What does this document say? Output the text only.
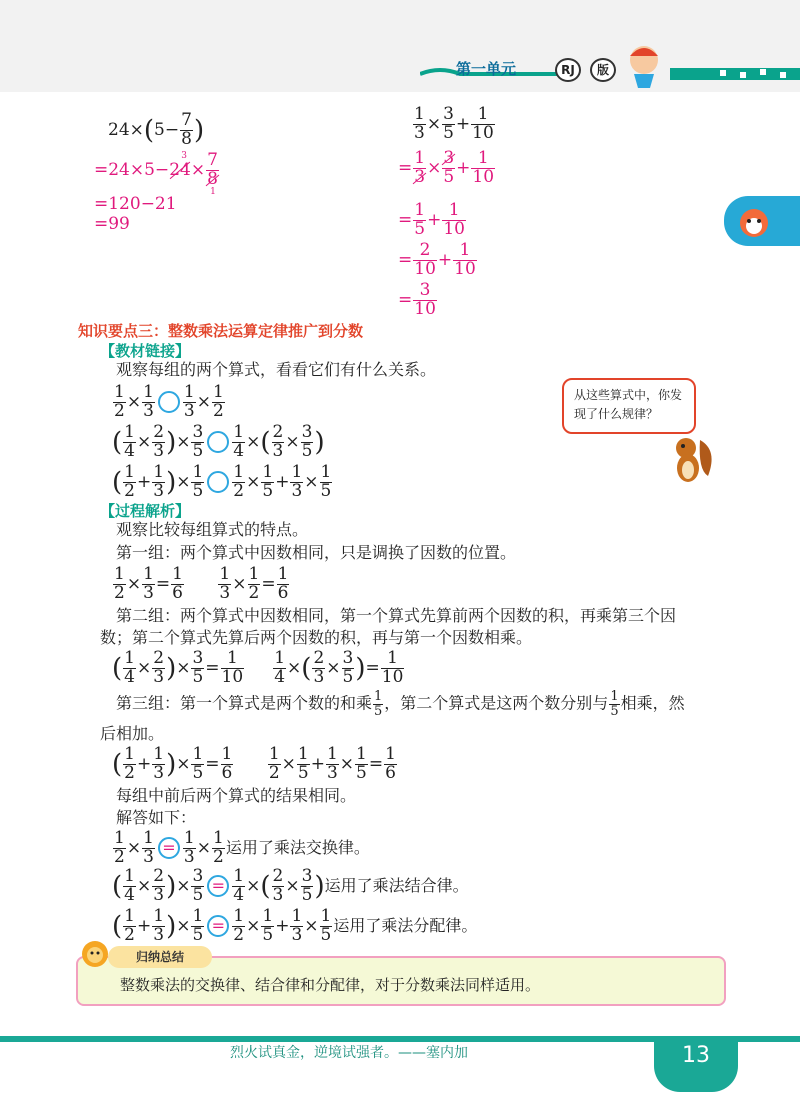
第一单元	RJ	版
$24\times(5- \frac{7}{8}$ )
=24×5−24
3
× 7
8
1
=120−21
=99
$\frac{1}{3} \times \frac{3}{5} + \frac{1}{10}$
= $\frac{1}{3} \times \frac{3}{5} + \frac{1}{10}$
= $\frac{1}{5} + \frac{1}{10}$
= $\frac{2}{10} + \frac{1}{10}$
= $\frac{3}{10}$
知识要点三：整数乘法运算定律推广到分数
【教材链接】
观察每组的两个算式，看看它们有什么关系。
$\frac{1}{2} \times \frac{1}{3} \frac{1}{3} \times \frac{1}{2}$
( $\frac{1}{4} \times \frac{2}{3}$ )× $\frac{3}{5} \frac{1}{4}$ ×( $\frac{2}{3} \times \frac{3}{5}$ )
( $\frac{1}{2} + \frac{1}{3}$ )× $\frac{1}{5} \frac{1}{2} \times \frac{1}{5} + \frac{1}{3} \times \frac{1}{5}$
从这些算式中，你发现了什么规律？
【过程解析】
观察比较每组算式的特点。
第一组：两个算式中因数相同，只是调换了因数的位置。
$\frac{1}{2} \times \frac{1}{3} = \frac{1}{6}$
$\frac{1}{3} \times \frac{1}{2} = \frac{1}{6}$
第二组：两个算式中因数相同，第一个算式先算前两个因数的积，再乘第三个因
数；第二个算式先算后两个因数的积，再与第一个因数相乘。
( $\frac{1}{4} \times \frac{2}{3}$ )× $\frac{3}{5} = \frac{1}{10}$
$\frac{1}{4}$ ×( $\frac{2}{3} \times \frac{3}{5}$ )= $\frac{1}{10}$
第三组：第一个算式是两个数的和乘 $\frac{1}{5}$ ，第二个算式是这两个数分别与 $\frac{1}{5}$ 相乘，然
后相加。
( $\frac{1}{2} + \frac{1}{3}$ )× $\frac{1}{5} = \frac{1}{6}$
$\frac{1}{2} \times \frac{1}{5} + \frac{1}{3} \times \frac{1}{5} = \frac{1}{6}$
每组中前后两个算式的结果相同。
解答如下：
$\frac{1}{2} \times \frac{1}{3} = \frac{1}{3} \times \frac{1}{2}$ 运用了乘法交换律。
( $\frac{1}{4} \times \frac{2}{3}$ )× $\frac{3}{5} = \frac{1}{4}$ ×( $\frac{2}{3} \times \frac{3}{5}$ )运用了乘法结合律。
( $\frac{1}{2} + \frac{1}{3}$ )× $\frac{1}{5} = \frac{1}{2} \times \frac{1}{5} + \frac{1}{3} \times \frac{1}{5}$ 运用了乘法分配律。
归纳总结
整数乘法的交换律、结合律和分配律，对于分数乘法同样适用。
烈火试真金，逆境试强者。——塞内加	13
